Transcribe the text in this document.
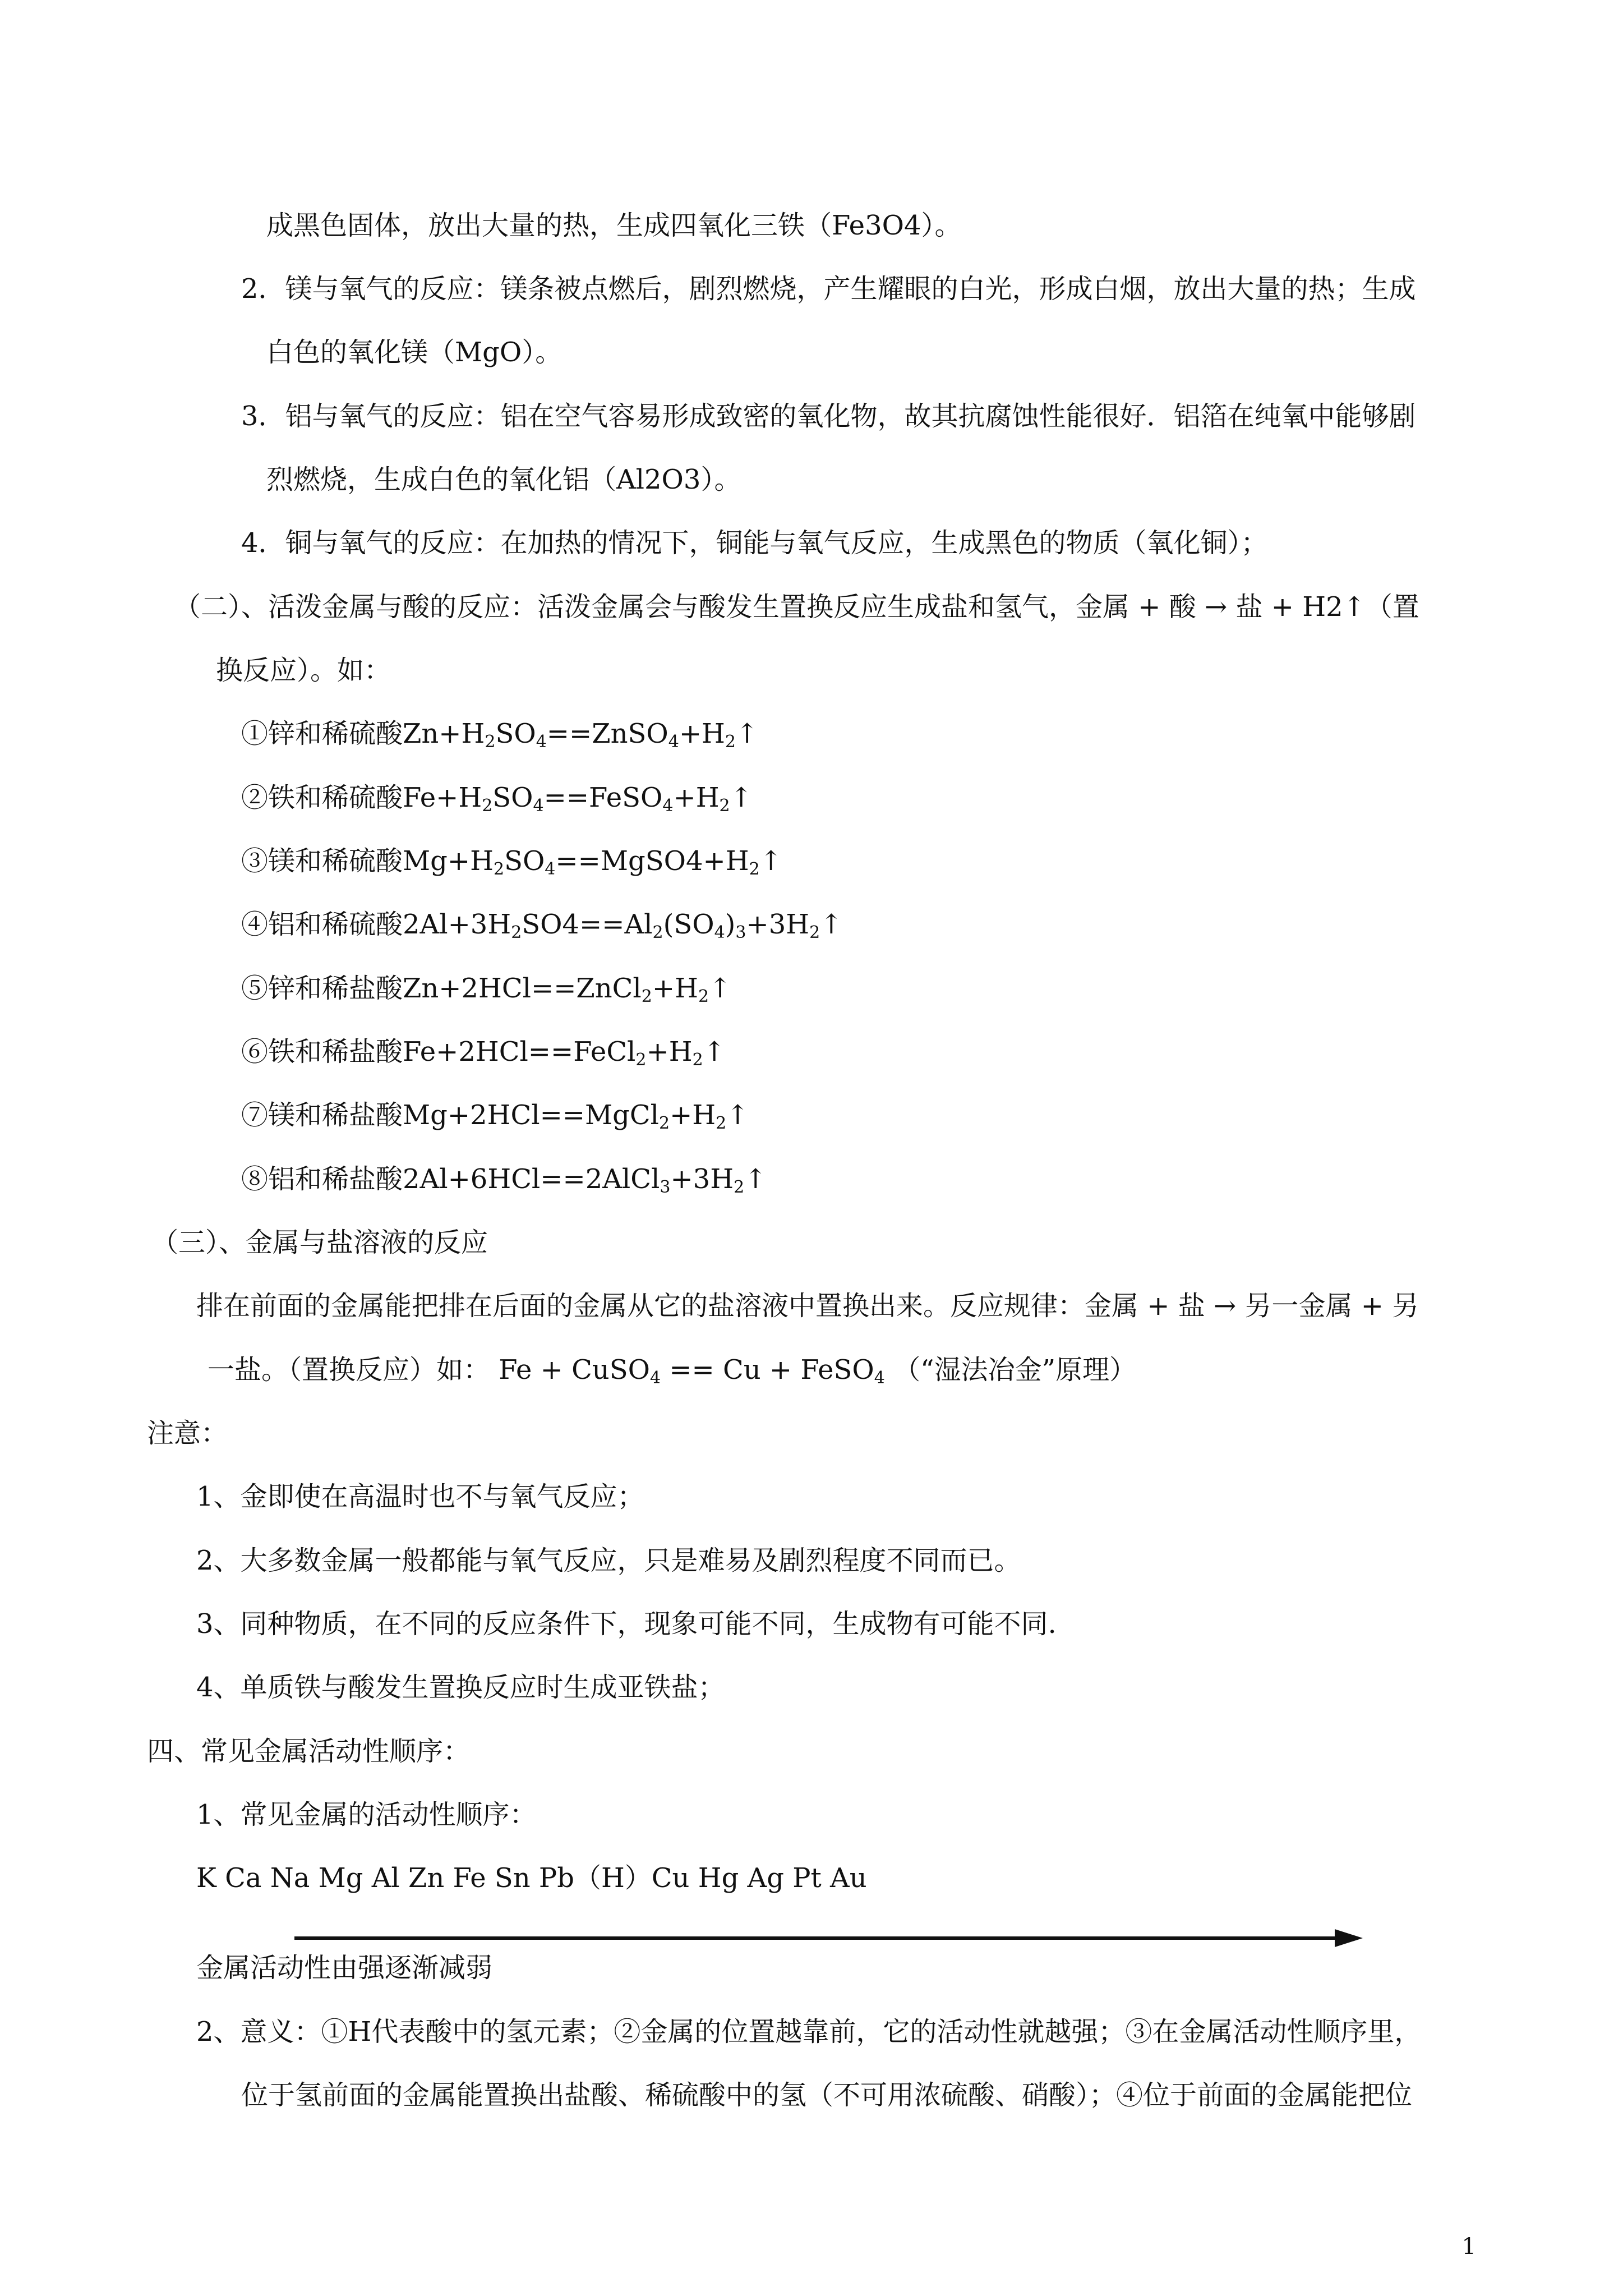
成黑色固体，放出大量的热，生成四氧化三铁（Fe3O4）。
2．镁与氧气的反应：镁条被点燃后，剧烈燃烧，产生耀眼的白光，形成白烟，放出大量的热；生成
白色的氧化镁（MgO）。
3．铝与氧气的反应：铝在空气容易形成致密的氧化物，故其抗腐蚀性能很好．铝箔在纯氧中能够剧
烈燃烧，生成白色的氧化铝（Al2O3）。
4．铜与氧气的反应：在加热的情况下，铜能与氧气反应，生成黑色的物质（氧化铜）；
（二）、活泼金属与酸的反应：活泼金属会与酸发生置换反应生成盐和氢气，金属 + 酸 → 盐 + H2↑（置
换反应）。如：
①锌和稀硫酸$Zn+H_2SO_4==ZnSO_4+H_2↑$
②铁和稀硫酸$Fe+H_2SO_4==FeSO_4+H_2↑$
③镁和稀硫酸$Mg+H_2SO_4==MgSO4+H_2↑$
④铝和稀硫酸$2Al+3H_2SO4==Al_2(SO_4)_3+3H_2↑$
⑤锌和稀盐酸$Zn+2HCl==ZnCl_2+H_2↑$
⑥铁和稀盐酸$Fe+2HCl==FeCl_2+H_2↑$
⑦镁和稀盐酸$Mg+2HCl==MgCl_2+H_2↑$
⑧铝和稀盐酸$2Al+6HCl==2AlCl_3+3H_2↑$
（三）、金属与盐溶液的反应
排在前面的金属能把排在后面的金属从它的盐溶液中置换出来。反应规律：金属 + 盐 → 另一金属 + 另
一盐。（置换反应）如： Fe + CuSO$_4$ == Cu + FeSO$_4$ （“湿法冶金”原理）
注意：
1、金即使在高温时也不与氧气反应；
2、大多数金属一般都能与氧气反应，只是难易及剧烈程度不同而已。
3、同种物质，在不同的反应条件下，现象可能不同，生成物有可能不同.
4、单质铁与酸发生置换反应时生成亚铁盐；
四、常见金属活动性顺序：
1、常见金属的活动性顺序：
K Ca Na Mg Al Zn Fe Sn Pb（H）Cu Hg Ag Pt Au
金属活动性由强逐渐减弱
2、意义：①H代表酸中的氢元素；②金属的位置越靠前，它的活动性就越强；③在金属活动性顺序里，
位于氢前面的金属能置换出盐酸、稀硫酸中的氢（不可用浓硫酸、硝酸）；④位于前面的金属能把位
1
